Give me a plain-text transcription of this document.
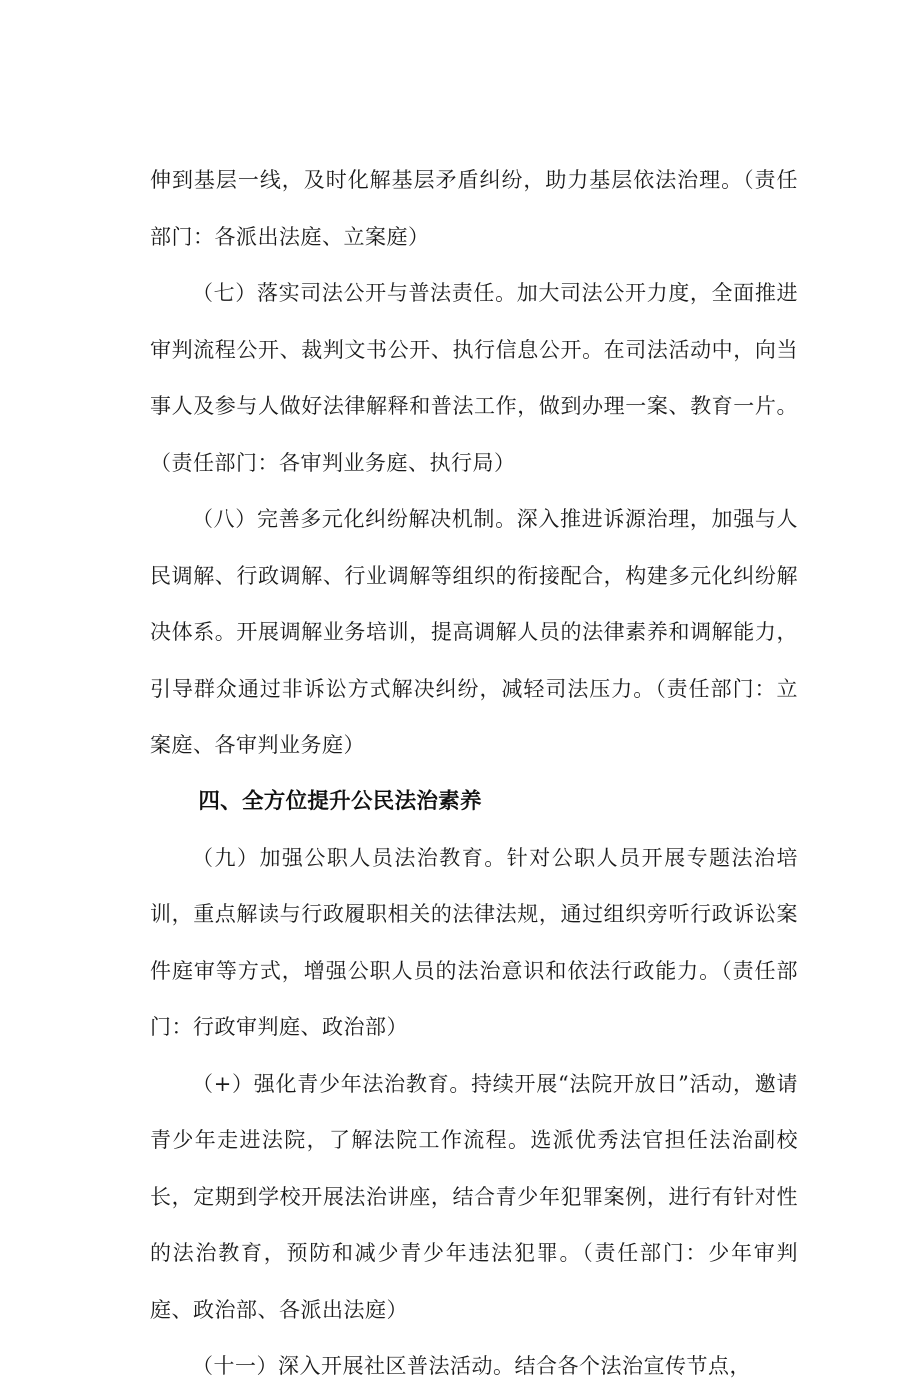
伸到基层一线，及时化解基层矛盾纠纷，助力基层依法治理。（责任部门：各派出法庭、立案庭）

（七）落实司法公开与普法责任。加大司法公开力度，全面推进审判流程公开、裁判文书公开、执行信息公开。在司法活动中，向当事人及参与人做好法律解释和普法工作，做到办理一案、教育一片。（责任部门：各审判业务庭、执行局）

（八）完善多元化纠纷解决机制。深入推进诉源治理，加强与人民调解、行政调解、行业调解等组织的衔接配合，构建多元化纠纷解决体系。开展调解业务培训，提高调解人员的法律素养和调解能力，引导群众通过非诉讼方式解决纠纷，减轻司法压力。（责任部门：立案庭、各审判业务庭）

四、全方位提升公民法治素养

（九）加强公职人员法治教育。针对公职人员开展专题法治培训，重点解读与行政履职相关的法律法规，通过组织旁听行政诉讼案件庭审等方式，增强公职人员的法治意识和依法行政能力。（责任部门：行政审判庭、政治部）

（+）强化青少年法治教育。持续开展“法院开放日”活动，邀请青少年走进法院，了解法院工作流程。选派优秀法官担任法治副校长，定期到学校开展法治讲座，结合青少年犯罪案例，进行有针对性的法治教育，预防和减少青少年违法犯罪。（责任部门：少年审判庭、政治部、各派出法庭）

（十一）深入开展社区普法活动。结合各个法治宣传节点，
